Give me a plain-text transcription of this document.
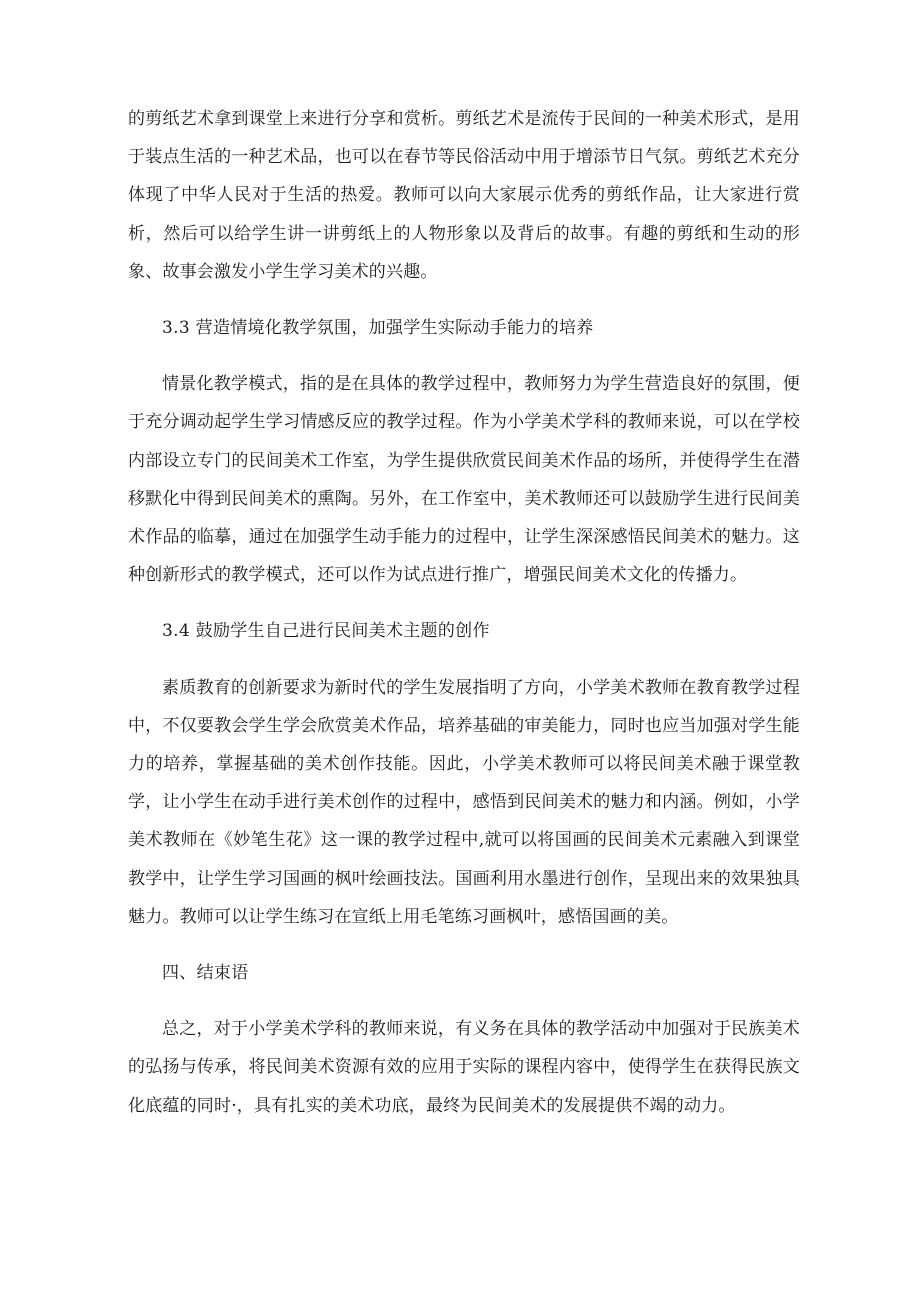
的剪纸艺术拿到课堂上来进行分享和赏析。剪纸艺术是流传于民间的一种美术形式，是用于装点生活的一种艺术品，也可以在春节等民俗活动中用于增添节日气氛。剪纸艺术充分体现了中华人民对于生活的热爱。教师可以向大家展示优秀的剪纸作品，让大家进行赏析，然后可以给学生讲一讲剪纸上的人物形象以及背后的故事。有趣的剪纸和生动的形象、故事会激发小学生学习美术的兴趣。

3.3 营造情境化教学氛围，加强学生实际动手能力的培养

情景化教学模式，指的是在具体的教学过程中，教师努力为学生营造良好的氛围，便于充分调动起学生学习情感反应的教学过程。作为小学美术学科的教师来说，可以在学校内部设立专门的民间美术工作室，为学生提供欣赏民间美术作品的场所，并使得学生在潜移默化中得到民间美术的熏陶。另外，在工作室中，美术教师还可以鼓励学生进行民间美术作品的临摹，通过在加强学生动手能力的过程中，让学生深深感悟民间美术的魅力。这种创新形式的教学模式，还可以作为试点进行推广，增强民间美术文化的传播力。

3.4 鼓励学生自己进行民间美术主题的创作

素质教育的创新要求为新时代的学生发展指明了方向，小学美术教师在教育教学过程中，不仅要教会学生学会欣赏美术作品，培养基础的审美能力，同时也应当加强对学生能力的培养，掌握基础的美术创作技能。因此，小学美术教师可以将民间美术融于课堂教学，让小学生在动手进行美术创作的过程中，感悟到民间美术的魅力和内涵。例如，小学美术教师在《妙笔生花》这一课的教学过程中,就可以将国画的民间美术元素融入到课堂教学中，让学生学习国画的枫叶绘画技法。国画利用水墨进行创作，呈现出来的效果独具魅力。教师可以让学生练习在宣纸上用毛笔练习画枫叶，感悟国画的美。

四、结束语

总之，对于小学美术学科的教师来说，有义务在具体的教学活动中加强对于民族美术的弘扬与传承，将民间美术资源有效的应用于实际的课程内容中，使得学生在获得民族文化底蕴的同时·，具有扎实的美术功底，最终为民间美术的发展提供不竭的动力。
